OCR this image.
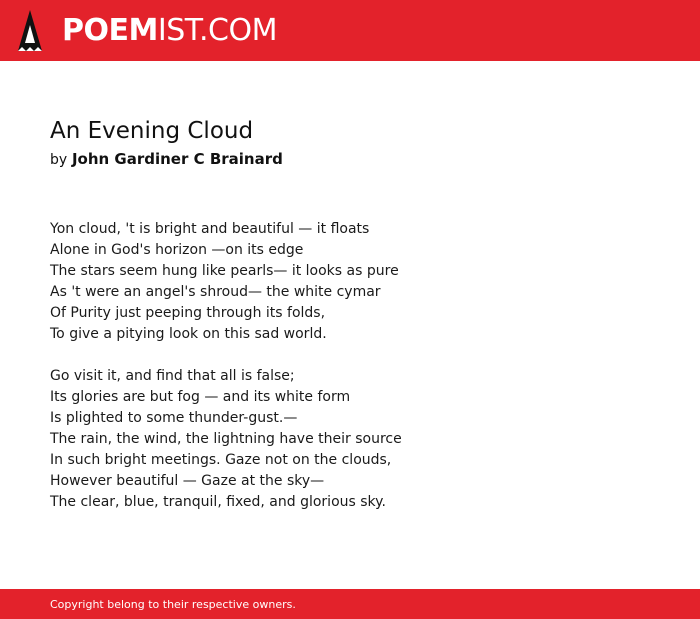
POEMIST.COM
An Evening Cloud
by John Gardiner C Brainard
Yon cloud, 't is bright and beautiful — it floats
Alone in God's horizon —on its edge
The stars seem hung like pearls— it looks as pure
As 't were an angel's shroud— the white cymar
Of Purity just peeping through its folds,
To give a pitying look on this sad world.
Go visit it, and find that all is false;
Its glories are but fog — and its white form
Is plighted to some thunder-gust.—
The rain, the wind, the lightning have their source
In such bright meetings. Gaze not on the clouds,
However beautiful — Gaze at the sky—
The clear, blue, tranquil, fixed, and glorious sky.
Copyright belong to their respective owners.
